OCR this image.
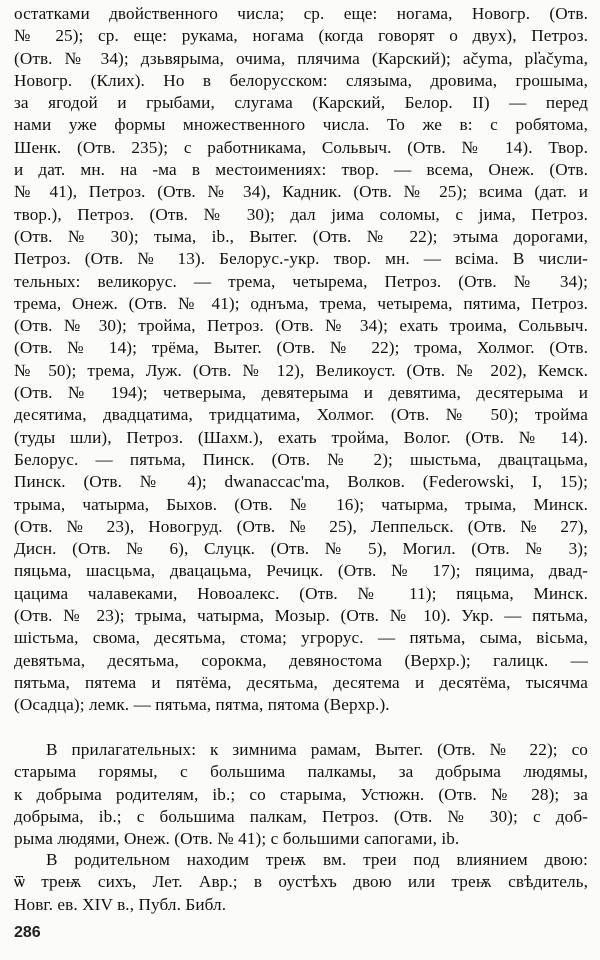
остатками двойственного числа; ср. еще: ногама, Новогр. (Отв.
№ 25); ср. еще: рукама, ногама (когда говорят о двух), Петроз.
(Отв. № 34); дзьвярыма, очима, плячима (Карский); ačуma, pl̕ačуma,
Новогр. (Клих). Но в белорусском: слязыма, дровима, грошыма,
за ягодой и грыбами, слугама (Карский, Белор. II) — перед
нами уже формы множественного числа. То же в: с робятома,
Шенк. (Отв. 235); с работникама, Сольвыч. (Отв. № 14). Твор.
и дат. мн. на -ма в местоимениях: твор. — всема, Онеж. (Отв.
№ 41), Петроз. (Отв. № 34), Кадник. (Отв. № 25); всима (дат. и
твор.), Петроз. (Отв. № 30); дал jима соломы, с jима, Петроз.
(Отв. № 30); тыма, ib., Вытег. (Отв. № 22); этыма дорогами,
Петроз. (Отв. № 13). Белорус.-укр. твор. мн. — всiма. В числи-
тельных: великорус. — трема, четырема, Петроз. (Отв. № 34);
трема, Онеж. (Отв. № 41); однъма, трема, четырема, пятима, Петроз.
(Отв. № 30); тройма, Петроз. (Отв. № 34); ехать троима, Сольвыч.
(Отв. № 14); трёма, Вытег. (Отв. № 22); трома, Холмог. (Отв.
№ 50); трема, Луж. (Отв. № 12), Великоуст. (Отв. № 202), Кемск.
(Отв. № 194); четверыма, девятерыма и девятима, десятерыма и
десятима, двадцатима, тридцатима, Холмог. (Отв. № 50); тройма
(туды шли), Петроз. (Шахм.), ехать тройма, Волог. (Отв. № 14).
Белорус. — пятьма, Пинск. (Отв. № 2); шыстьма, двацтацьма,
Пинск. (Отв. № 4); dwanaccac'ma, Волков. (Federowski, I, 15);
трымa, чатырмa, Быхов. (Отв. № 16); чатырмa, трымa, Минск.
(Отв. № 23), Новогруд. (Отв. № 25), Леппельск. (Отв. № 27),
Дисн. (Отв. № 6), Слуцк. (Отв. № 5), Могил. (Отв. № 3);
пяцьма, шасцьма, двацацьма, Речицк. (Отв. № 17); пяцима, двад-
цацима чалавеками, Новоалекс. (Отв. № 11); пяцьма, Минск.
(Отв. № 23); трымa, чатырмa, Мозыр. (Отв. № 10). Укр. — пятьма,
шiстьма, свомa, десятьмa, стома; угрорус. — пятьма, сыма, вiсьма,
девятьма, десятьмa, сорокмa, девяностома (Верхр.); галицк. —
пятьма, пятема и пятёма, десятьма, десятема и десятёма, тысячма
(Осадца); лемк. — пятьма, пятма, пятома (Верхр.).
В прилагательных: к зимнима рамам, Вытег. (Отв. № 22); со
старыма горямы, с большима палкамы, за добрыма людямы,
к добрыма родителям, ib.; со старыма, Устюжн. (Отв. № 28); за
добрыма, ib.; с большима палкам, Петроз. (Отв. № 30); с доб-
рыма людями, Онеж. (Отв. № 41); с большими сапогами, ib.
В родительном находим треѭ вм. треи под влиянием двою:
ѿ треѭ сихъ, Лет. Авр.; в оустѣхъ двою или треѭ свѣдитель,
Новг. ев. XIV в., Публ. Библ.
286
